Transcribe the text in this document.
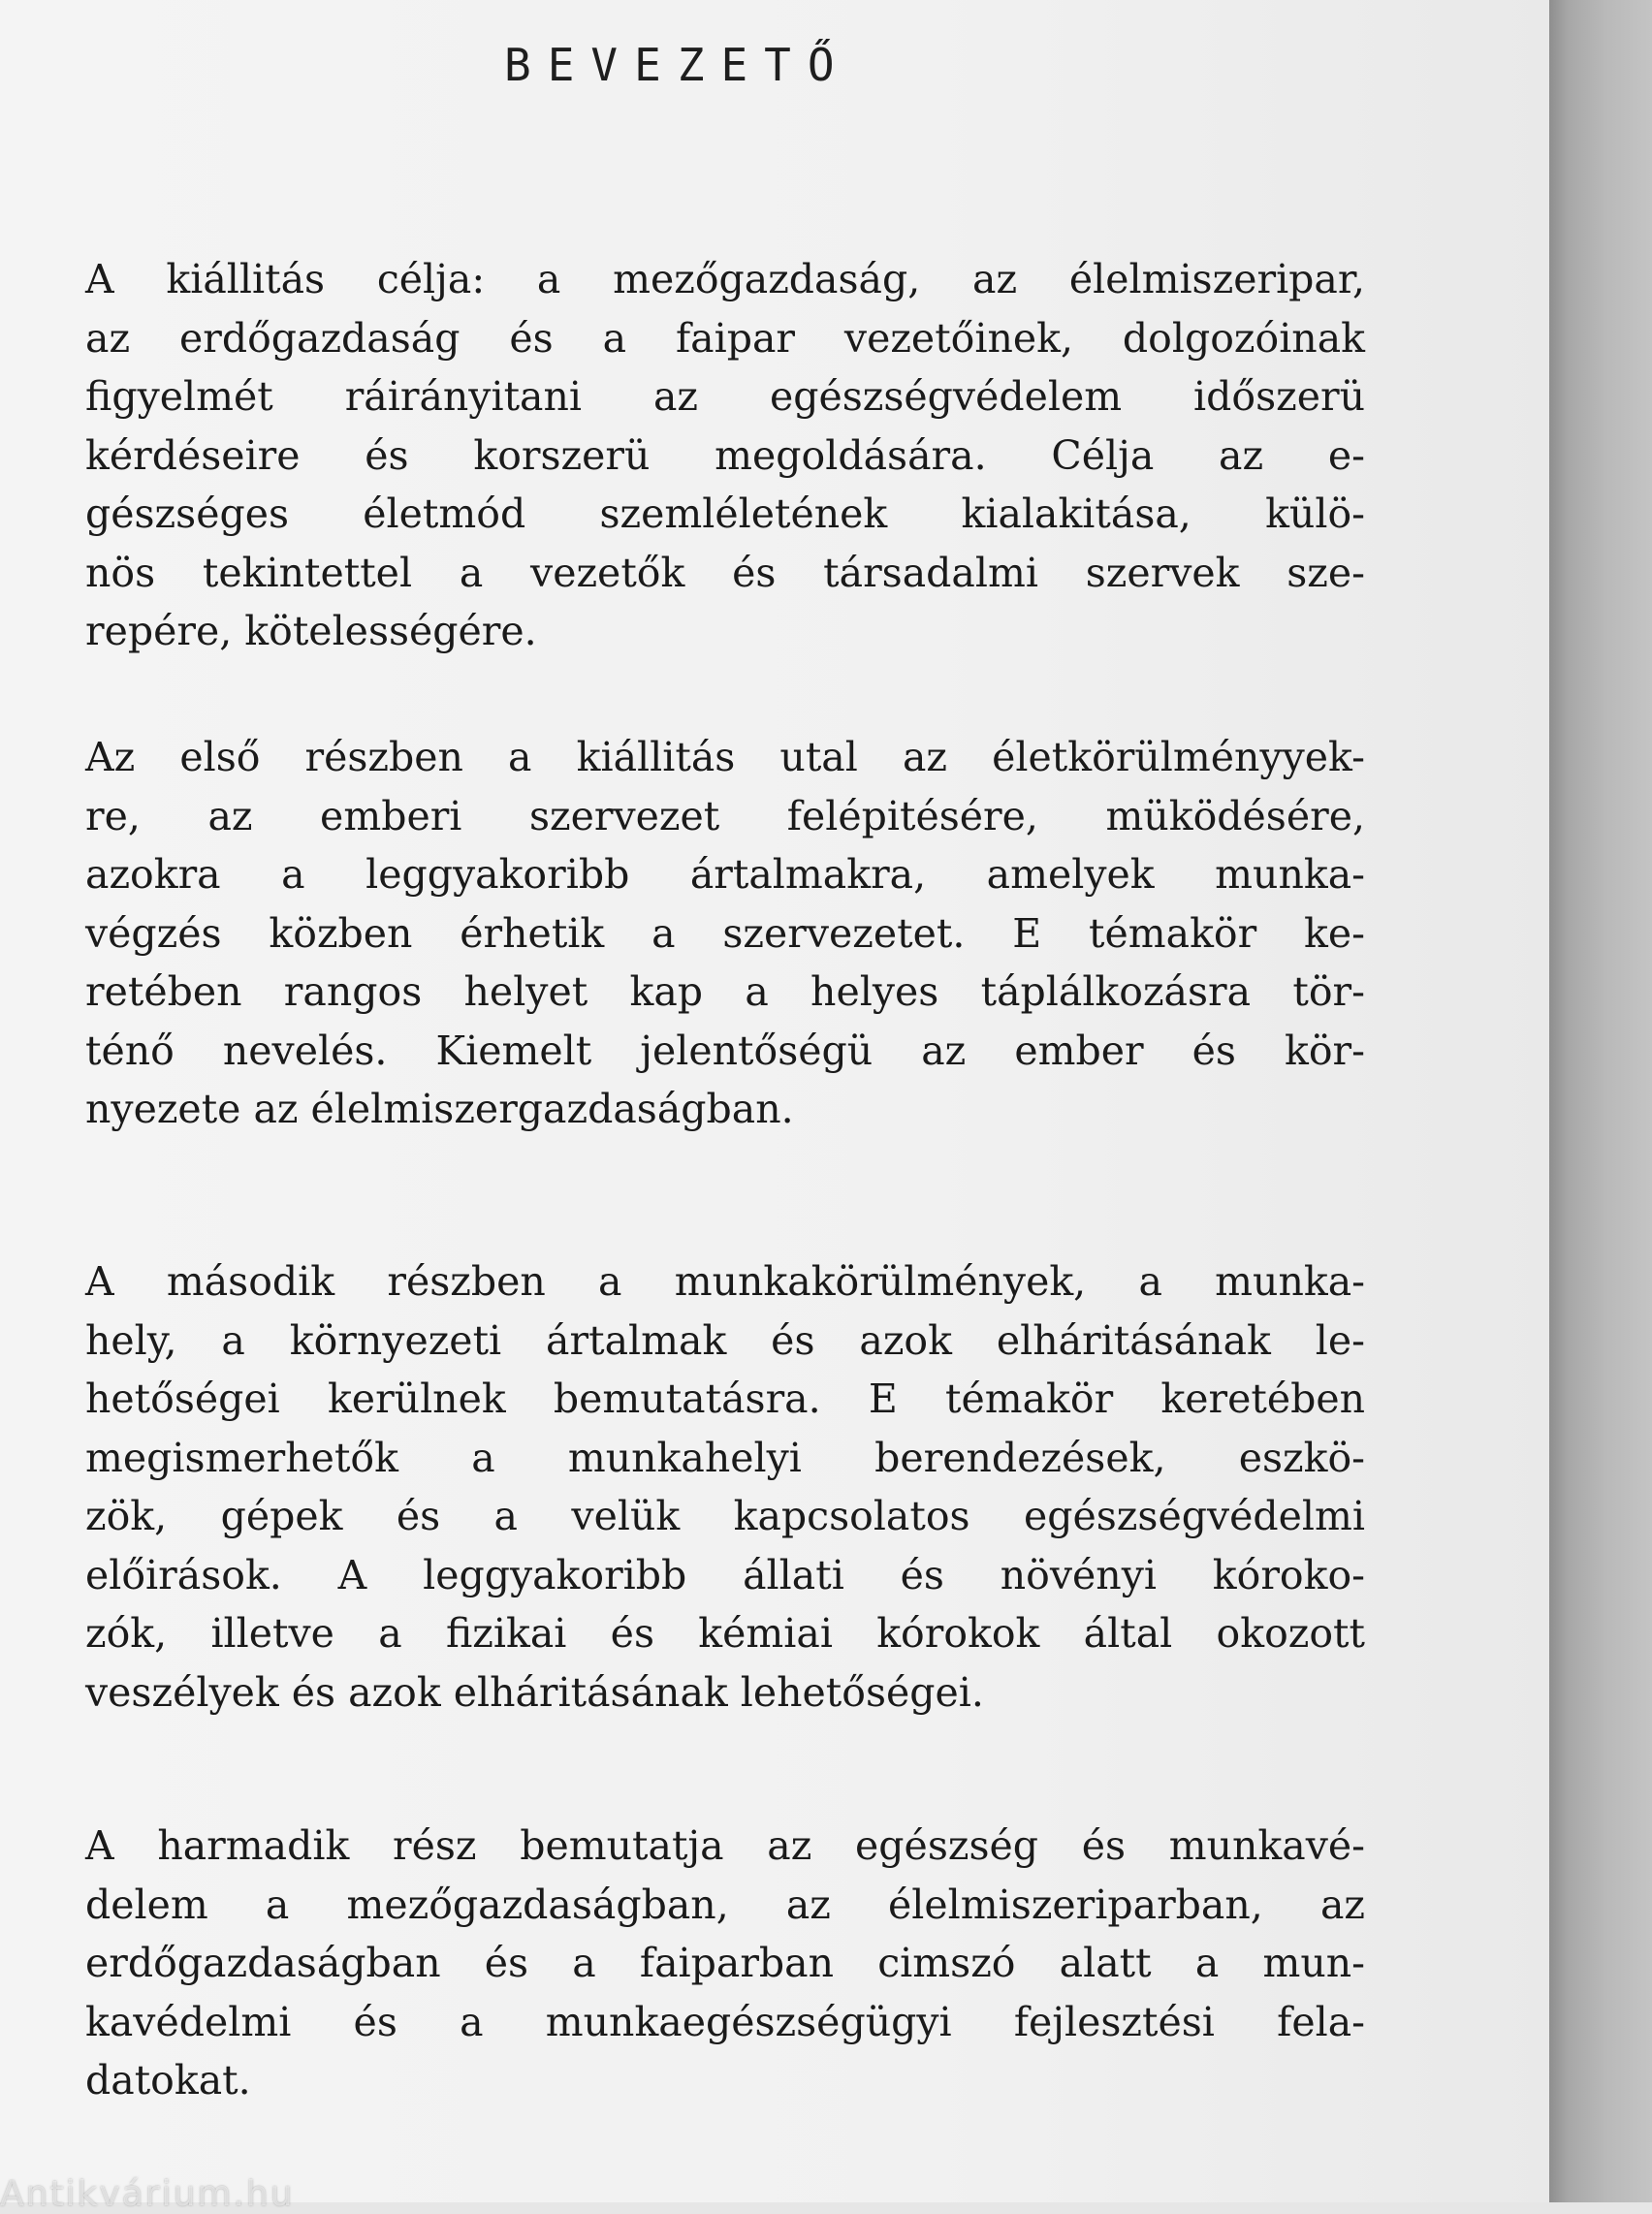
BEVEZETŐ
A kiállitás célja: a mezőgazdaság, az élelmiszeripar,
az erdőgazdaság és a faipar vezetőinek, dolgozóinak
figyelmét ráirányitani az egészségvédelem időszerü
kérdéseire és korszerü megoldására. Célja az e-
gészséges életmód szemléletének kialakitása, külö-
nös tekintettel a vezetők és társadalmi szervek sze-
repére, kötelességére.
Az első részben a kiállitás utal az életkörülményyek-
re, az emberi szervezet felépitésére, müködésére,
azokra a leggyakoribb ártalmakra, amelyek munka-
végzés közben érhetik a szervezetet. E témakör ke-
retében rangos helyet kap a helyes táplálkozásra tör-
ténő nevelés. Kiemelt jelentőségü az ember és kör-
nyezete az élelmiszergazdaságban.
A második részben a munkakörülmények, a munka-
hely, a környezeti ártalmak és azok elháritásának le-
hetőségei kerülnek bemutatásra. E témakör keretében
megismerhetők a munkahelyi berendezések, eszkö-
zök, gépek és a velük kapcsolatos egészségvédelmi
előirások. A leggyakoribb állati és növényi kóroko-
zók, illetve a fizikai és kémiai kórokok által okozott
veszélyek és azok elháritásának lehetőségei.
A harmadik rész bemutatja az egészség és munkavé-
delem a mezőgazdaságban, az élelmiszeriparban, az
erdőgazdaságban és a faiparban cimszó alatt a mun-
kavédelmi és a munkaegészségügyi fejlesztési fela-
datokat.
Antikvárium.hu
